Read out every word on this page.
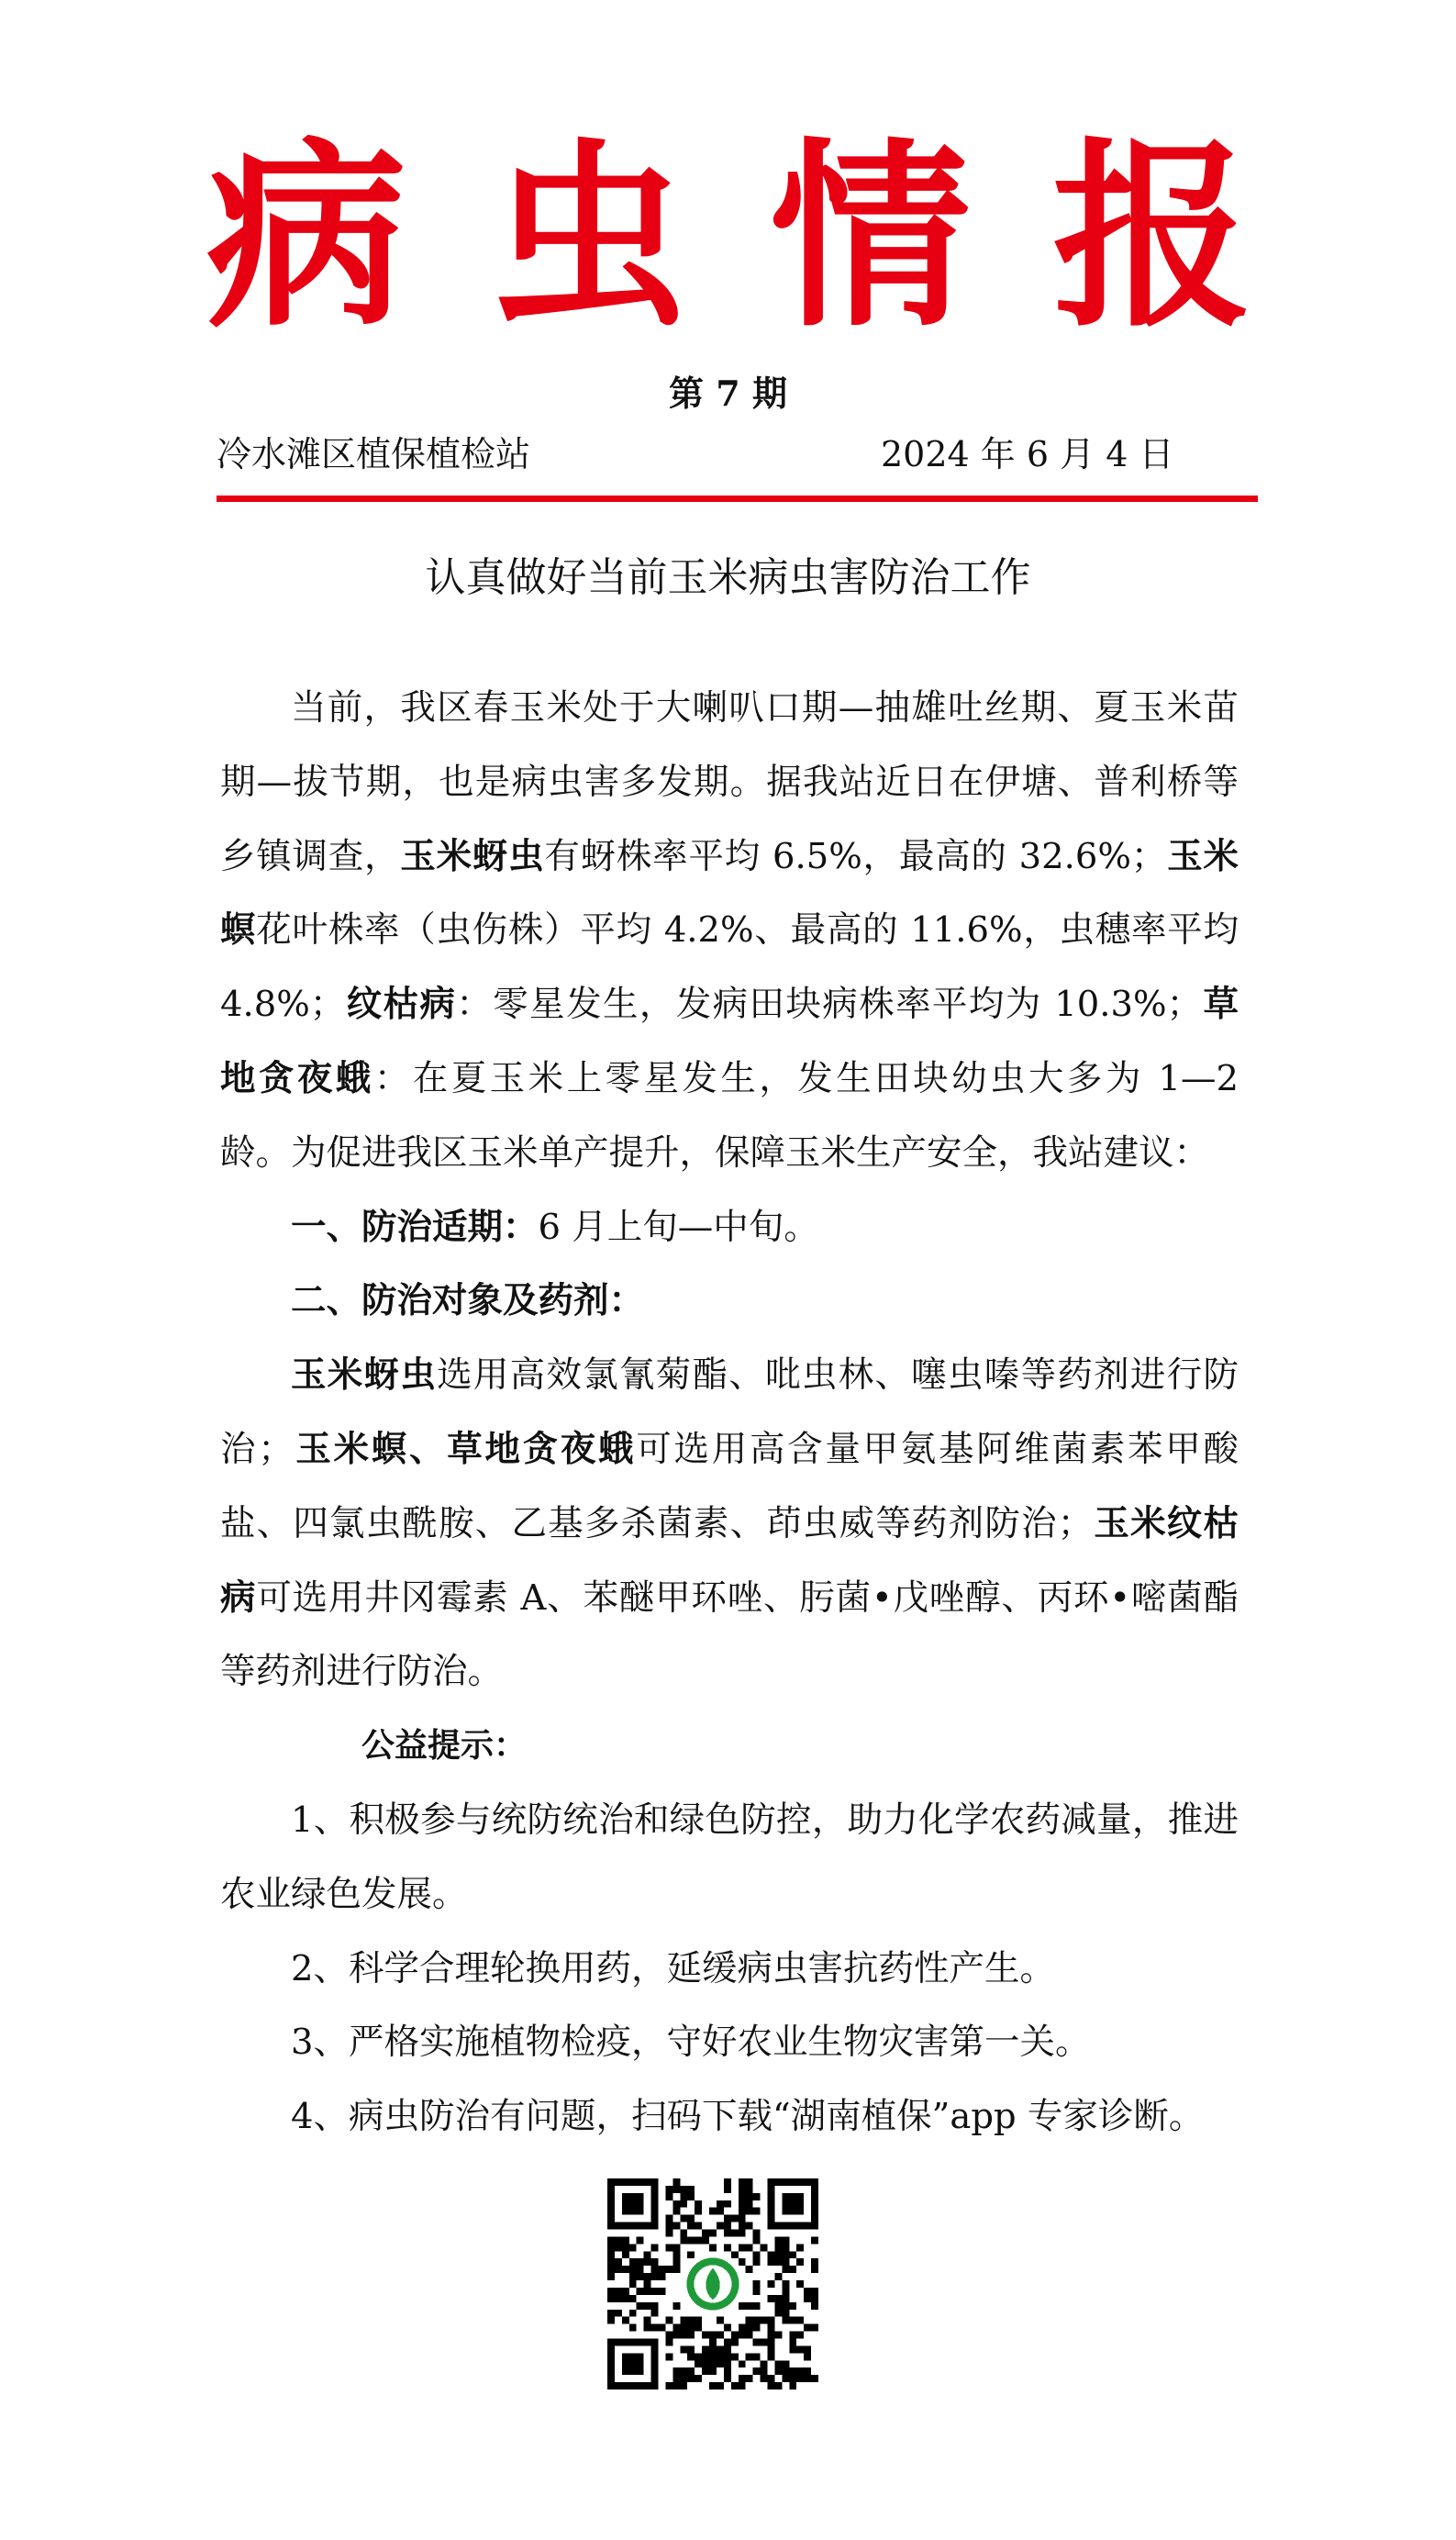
病 虫 情 报
第 7 期
冷水滩区植保植检站	2024 年 6 月 4 日
认真做好当前玉米病虫害防治工作

当前，我区春玉米处于大喇叭口期—抽雄吐丝期、夏玉米苗期—拔节期，也是病虫害多发期。据我站近日在伊塘、普利桥等乡镇调查，玉米蚜虫有蚜株率平均 6.5%，最高的 32.6%；玉米螟花叶株率（虫伤株）平均 4.2%、最高的 11.6%，虫穗率平均 4.8%；纹枯病：零星发生，发病田块病株率平均为 10.3%；草地贪夜蛾：在夏玉米上零星发生，发生田块幼虫大多为 1—2 龄。为促进我区玉米单产提升，保障玉米生产安全，我站建议：

一、防治适期：6 月上旬—中旬。

二、防治对象及药剂：

玉米蚜虫选用高效氯氰菊酯、吡虫林、噻虫嗪等药剂进行防治；玉米螟、草地贪夜蛾可选用高含量甲氨基阿维菌素苯甲酸盐、四氯虫酰胺、乙基多杀菌素、茚虫威等药剂防治；玉米纹枯病可选用井冈霉素 A、苯醚甲环唑、肟菌•戊唑醇、丙环•嘧菌酯等药剂进行防治。

公益提示：

1、积极参与统防统治和绿色防控，助力化学农药减量，推进农业绿色发展。

2、科学合理轮换用药，延缓病虫害抗药性产生。

3、严格实施植物检疫，守好农业生物灾害第一关。

4、病虫防治有问题，扫码下载“湖南植保”app 专家诊断。
